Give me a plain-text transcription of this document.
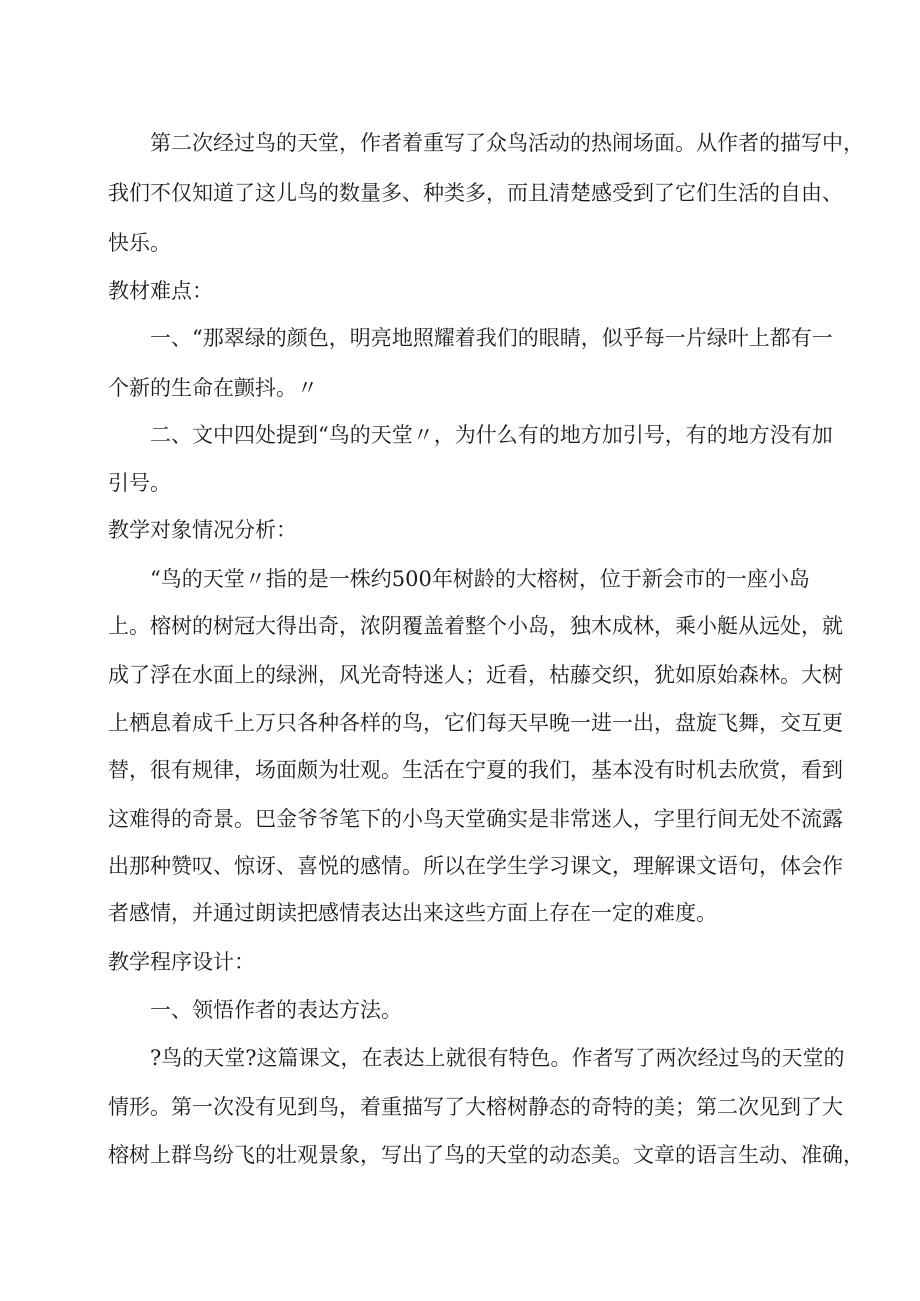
第二次经过鸟的天堂，作者着重写了众鸟活动的热闹场面。从作者的描写中，
我们不仅知道了这儿鸟的数量多、种类多，而且清楚感受到了它们生活的自由、
快乐。
教材难点：
一、“那翠绿的颜色，明亮地照耀着我们的眼睛，似乎每一片绿叶上都有一
个新的生命在颤抖。〃
二、文中四处提到“鸟的天堂〃，为什么有的地方加引号，有的地方没有加
引号。
教学对象情况分析：
“鸟的天堂〃指的是一株约500年树龄的大榕树，位于新会市的一座小岛
上。榕树的树冠大得出奇，浓阴覆盖着整个小岛，独木成林，乘小艇从远处，就
成了浮在水面上的绿洲，风光奇特迷人；近看，枯藤交织，犹如原始森林。大树
上栖息着成千上万只各种各样的鸟，它们每天早晚一进一出，盘旋飞舞，交互更
替，很有规律，场面颇为壮观。生活在宁夏的我们，基本没有时机去欣赏，看到
这难得的奇景。巴金爷爷笔下的小鸟天堂确实是非常迷人，字里行间无处不流露
出那种赞叹、惊讶、喜悦的感情。所以在学生学习课文，理解课文语句，体会作
者感情，并通过朗读把感情表达出来这些方面上存在一定的难度。
教学程序设计：
一、领悟作者的表达方法。
?鸟的天堂?这篇课文，在表达上就很有特色。作者写了两次经过鸟的天堂的
情形。第一次没有见到鸟，着重描写了大榕树静态的奇特的美；第二次见到了大
榕树上群鸟纷飞的壮观景象，写出了鸟的天堂的动态美。文章的语言生动、准确，
